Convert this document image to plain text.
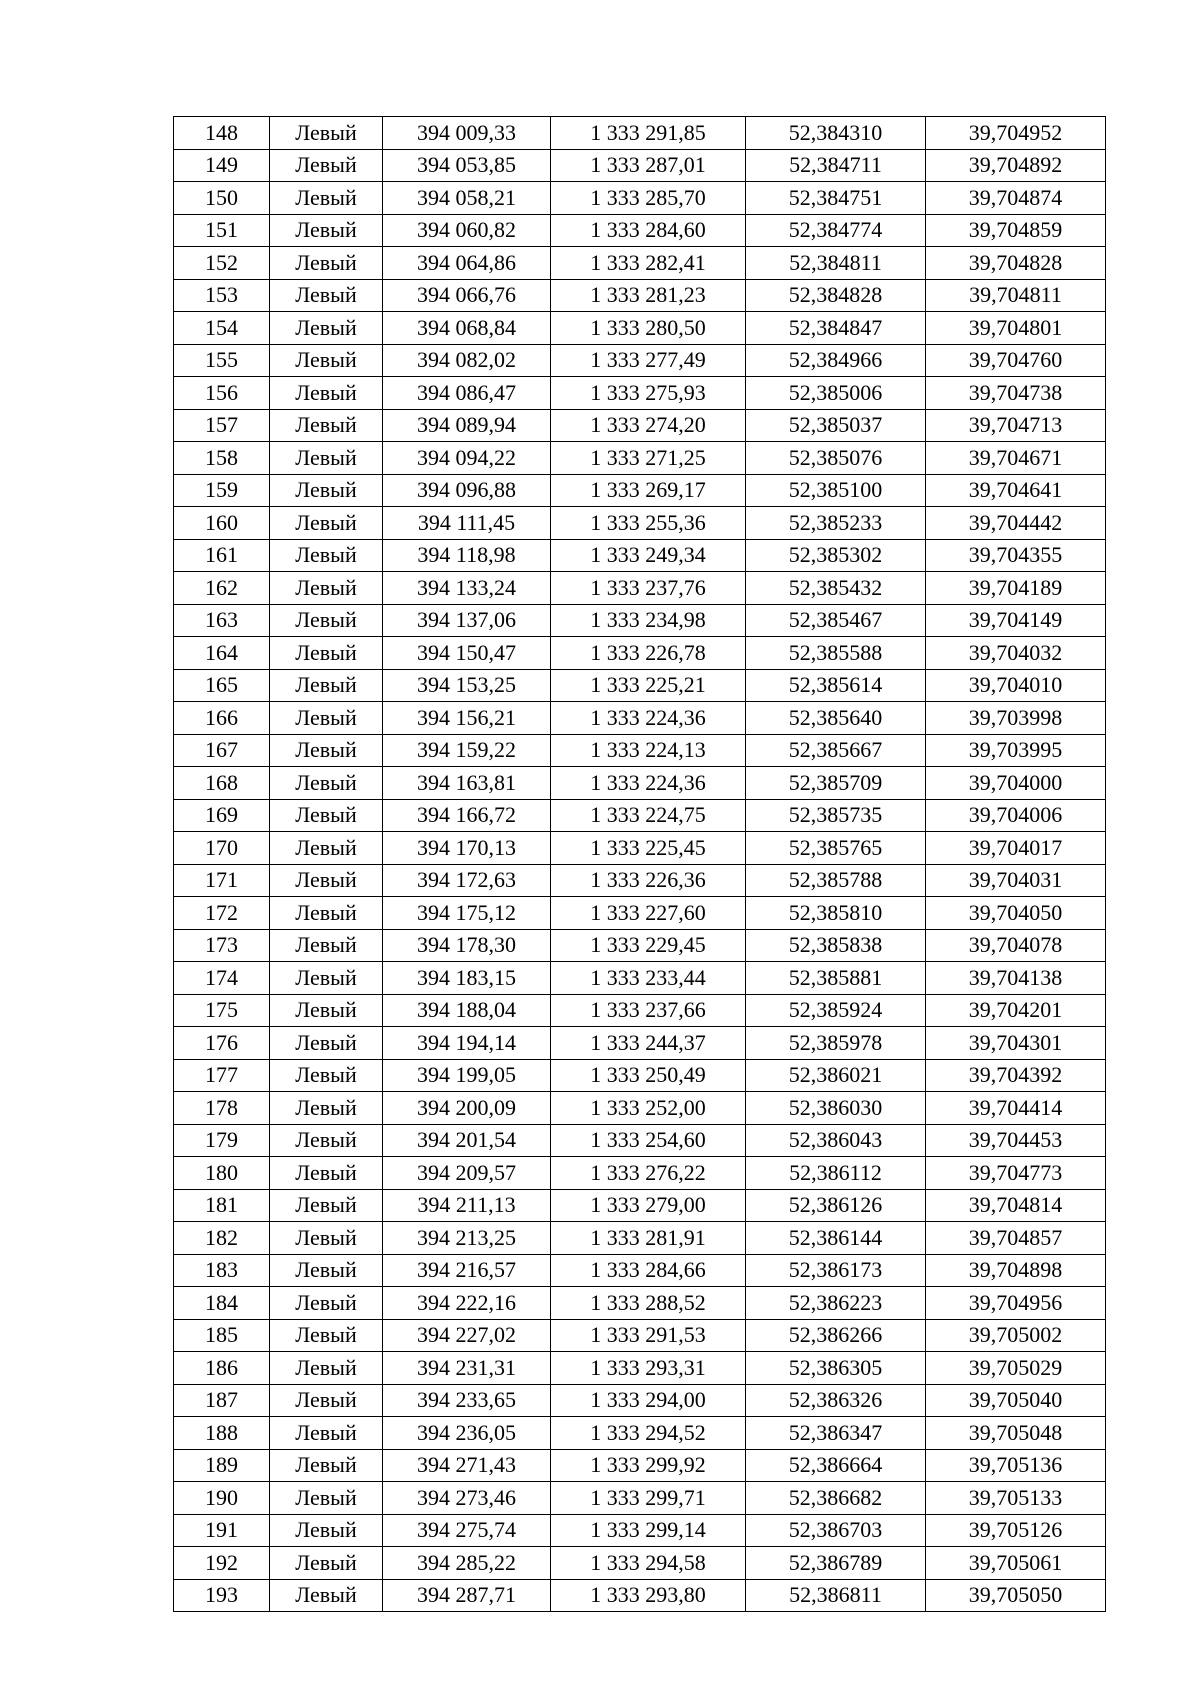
148	Левый	394 009,33	1 333 291,85	52,384310	39,704952
149	Левый	394 053,85	1 333 287,01	52,384711	39,704892
150	Левый	394 058,21	1 333 285,70	52,384751	39,704874
151	Левый	394 060,82	1 333 284,60	52,384774	39,704859
152	Левый	394 064,86	1 333 282,41	52,384811	39,704828
153	Левый	394 066,76	1 333 281,23	52,384828	39,704811
154	Левый	394 068,84	1 333 280,50	52,384847	39,704801
155	Левый	394 082,02	1 333 277,49	52,384966	39,704760
156	Левый	394 086,47	1 333 275,93	52,385006	39,704738
157	Левый	394 089,94	1 333 274,20	52,385037	39,704713
158	Левый	394 094,22	1 333 271,25	52,385076	39,704671
159	Левый	394 096,88	1 333 269,17	52,385100	39,704641
160	Левый	394 111,45	1 333 255,36	52,385233	39,704442
161	Левый	394 118,98	1 333 249,34	52,385302	39,704355
162	Левый	394 133,24	1 333 237,76	52,385432	39,704189
163	Левый	394 137,06	1 333 234,98	52,385467	39,704149
164	Левый	394 150,47	1 333 226,78	52,385588	39,704032
165	Левый	394 153,25	1 333 225,21	52,385614	39,704010
166	Левый	394 156,21	1 333 224,36	52,385640	39,703998
167	Левый	394 159,22	1 333 224,13	52,385667	39,703995
168	Левый	394 163,81	1 333 224,36	52,385709	39,704000
169	Левый	394 166,72	1 333 224,75	52,385735	39,704006
170	Левый	394 170,13	1 333 225,45	52,385765	39,704017
171	Левый	394 172,63	1 333 226,36	52,385788	39,704031
172	Левый	394 175,12	1 333 227,60	52,385810	39,704050
173	Левый	394 178,30	1 333 229,45	52,385838	39,704078
174	Левый	394 183,15	1 333 233,44	52,385881	39,704138
175	Левый	394 188,04	1 333 237,66	52,385924	39,704201
176	Левый	394 194,14	1 333 244,37	52,385978	39,704301
177	Левый	394 199,05	1 333 250,49	52,386021	39,704392
178	Левый	394 200,09	1 333 252,00	52,386030	39,704414
179	Левый	394 201,54	1 333 254,60	52,386043	39,704453
180	Левый	394 209,57	1 333 276,22	52,386112	39,704773
181	Левый	394 211,13	1 333 279,00	52,386126	39,704814
182	Левый	394 213,25	1 333 281,91	52,386144	39,704857
183	Левый	394 216,57	1 333 284,66	52,386173	39,704898
184	Левый	394 222,16	1 333 288,52	52,386223	39,704956
185	Левый	394 227,02	1 333 291,53	52,386266	39,705002
186	Левый	394 231,31	1 333 293,31	52,386305	39,705029
187	Левый	394 233,65	1 333 294,00	52,386326	39,705040
188	Левый	394 236,05	1 333 294,52	52,386347	39,705048
189	Левый	394 271,43	1 333 299,92	52,386664	39,705136
190	Левый	394 273,46	1 333 299,71	52,386682	39,705133
191	Левый	394 275,74	1 333 299,14	52,386703	39,705126
192	Левый	394 285,22	1 333 294,58	52,386789	39,705061
193	Левый	394 287,71	1 333 293,80	52,386811	39,705050
